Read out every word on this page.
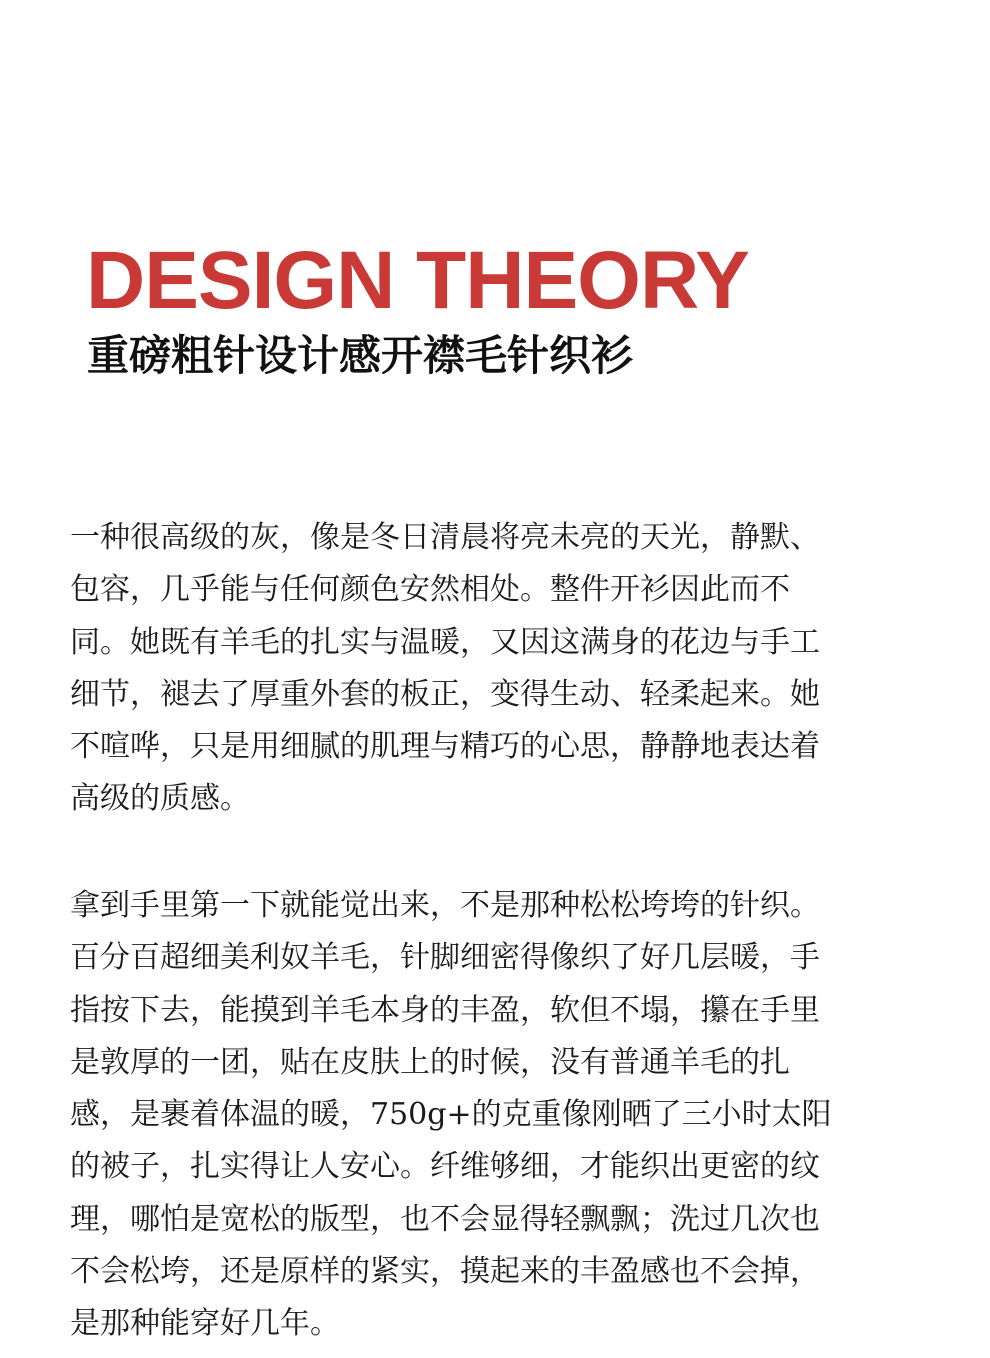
DESIGN THEORY
重磅粗针设计感开襟毛针织衫

一种很高级的灰，像是冬日清晨将亮未亮的天光，静默、
包容，几乎能与任何颜色安然相处。整件开衫因此而不
同。她既有羊毛的扎实与温暖，又因这满身的花边与手工
细节，褪去了厚重外套的板正，变得生动、轻柔起来。她
不喧哗，只是用细腻的肌理与精巧的心思，静静地表达着
高级的质感。

拿到手里第一下就能觉出来，不是那种松松垮垮的针织。
百分百超细美利奴羊毛，针脚细密得像织了好几层暖，手
指按下去，能摸到羊毛本身的丰盈，软但不塌，攥在手里
是敦厚的一团，贴在皮肤上的时候，没有普通羊毛的扎
感，是裹着体温的暖，750g+的克重像刚晒了三小时太阳
的被子，扎实得让人安心。纤维够细，才能织出更密的纹
理，哪怕是宽松的版型，也不会显得轻飘飘；洗过几次也
不会松垮，还是原样的紧实，摸起来的丰盈感也不会掉，
是那种能穿好几年。
